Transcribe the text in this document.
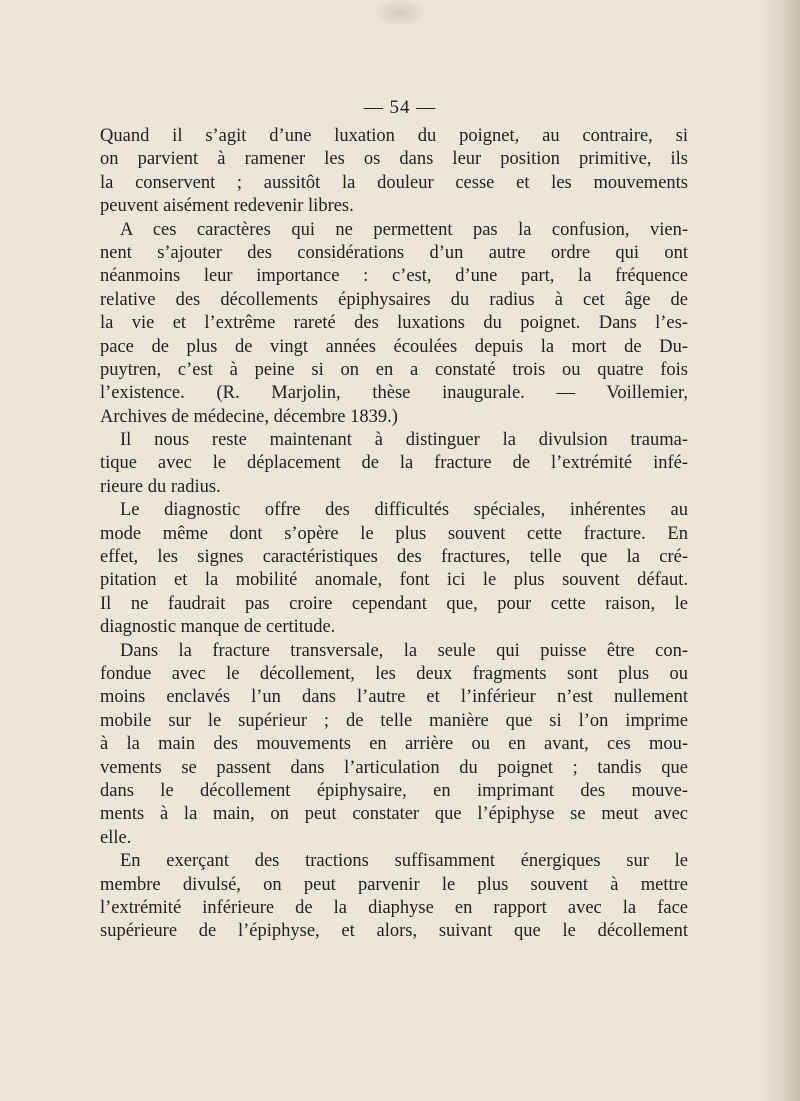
— 54 —
Quand il s’agit d’une luxation du poignet, au contraire, si
on parvient à ramener les os dans leur position primitive, ils
la conservent ; aussitôt la douleur cesse et les mouvements
peuvent aisément redevenir libres.
A ces caractères qui ne permettent pas la confusion, vien-
nent s’ajouter des considérations d’un autre ordre qui ont
néanmoins leur importance : c’est, d’une part, la fréquence
relative des décollements épiphysaires du radius à cet âge de
la vie et l’extrême rareté des luxations du poignet. Dans l’es-
pace de plus de vingt années écoulées depuis la mort de Du-
puytren, c’est à peine si on en a constaté trois ou quatre fois
l’existence. (R. Marjolin, thèse inaugurale. — Voillemier,
Archives de médecine, décembre 1839.)
Il nous reste maintenant à distinguer la divulsion trauma-
tique avec le déplacement de la fracture de l’extrémité infé-
rieure du radius.
Le diagnostic offre des difficultés spéciales, inhérentes au
mode même dont s’opère le plus souvent cette fracture. En
effet, les signes caractéristiques des fractures, telle que la cré-
pitation et la mobilité anomale, font ici le plus souvent défaut.
Il ne faudrait pas croire cependant que, pour cette raison, le
diagnostic manque de certitude.
Dans la fracture transversale, la seule qui puisse être con-
fondue avec le décollement, les deux fragments sont plus ou
moins enclavés l’un dans l’autre et l’inférieur n’est nullement
mobile sur le supérieur ; de telle manière que si l’on imprime
à la main des mouvements en arrière ou en avant, ces mou-
vements se passent dans l’articulation du poignet ; tandis que
dans le décollement épiphysaire, en imprimant des mouve-
ments à la main, on peut constater que l’épiphyse se meut avec
elle.
En exerçant des tractions suffisamment énergiques sur le
membre divulsé, on peut parvenir le plus souvent à mettre
l’extrémité inférieure de la diaphyse en rapport avec la face
supérieure de l’épiphyse, et alors, suivant que le décollement
